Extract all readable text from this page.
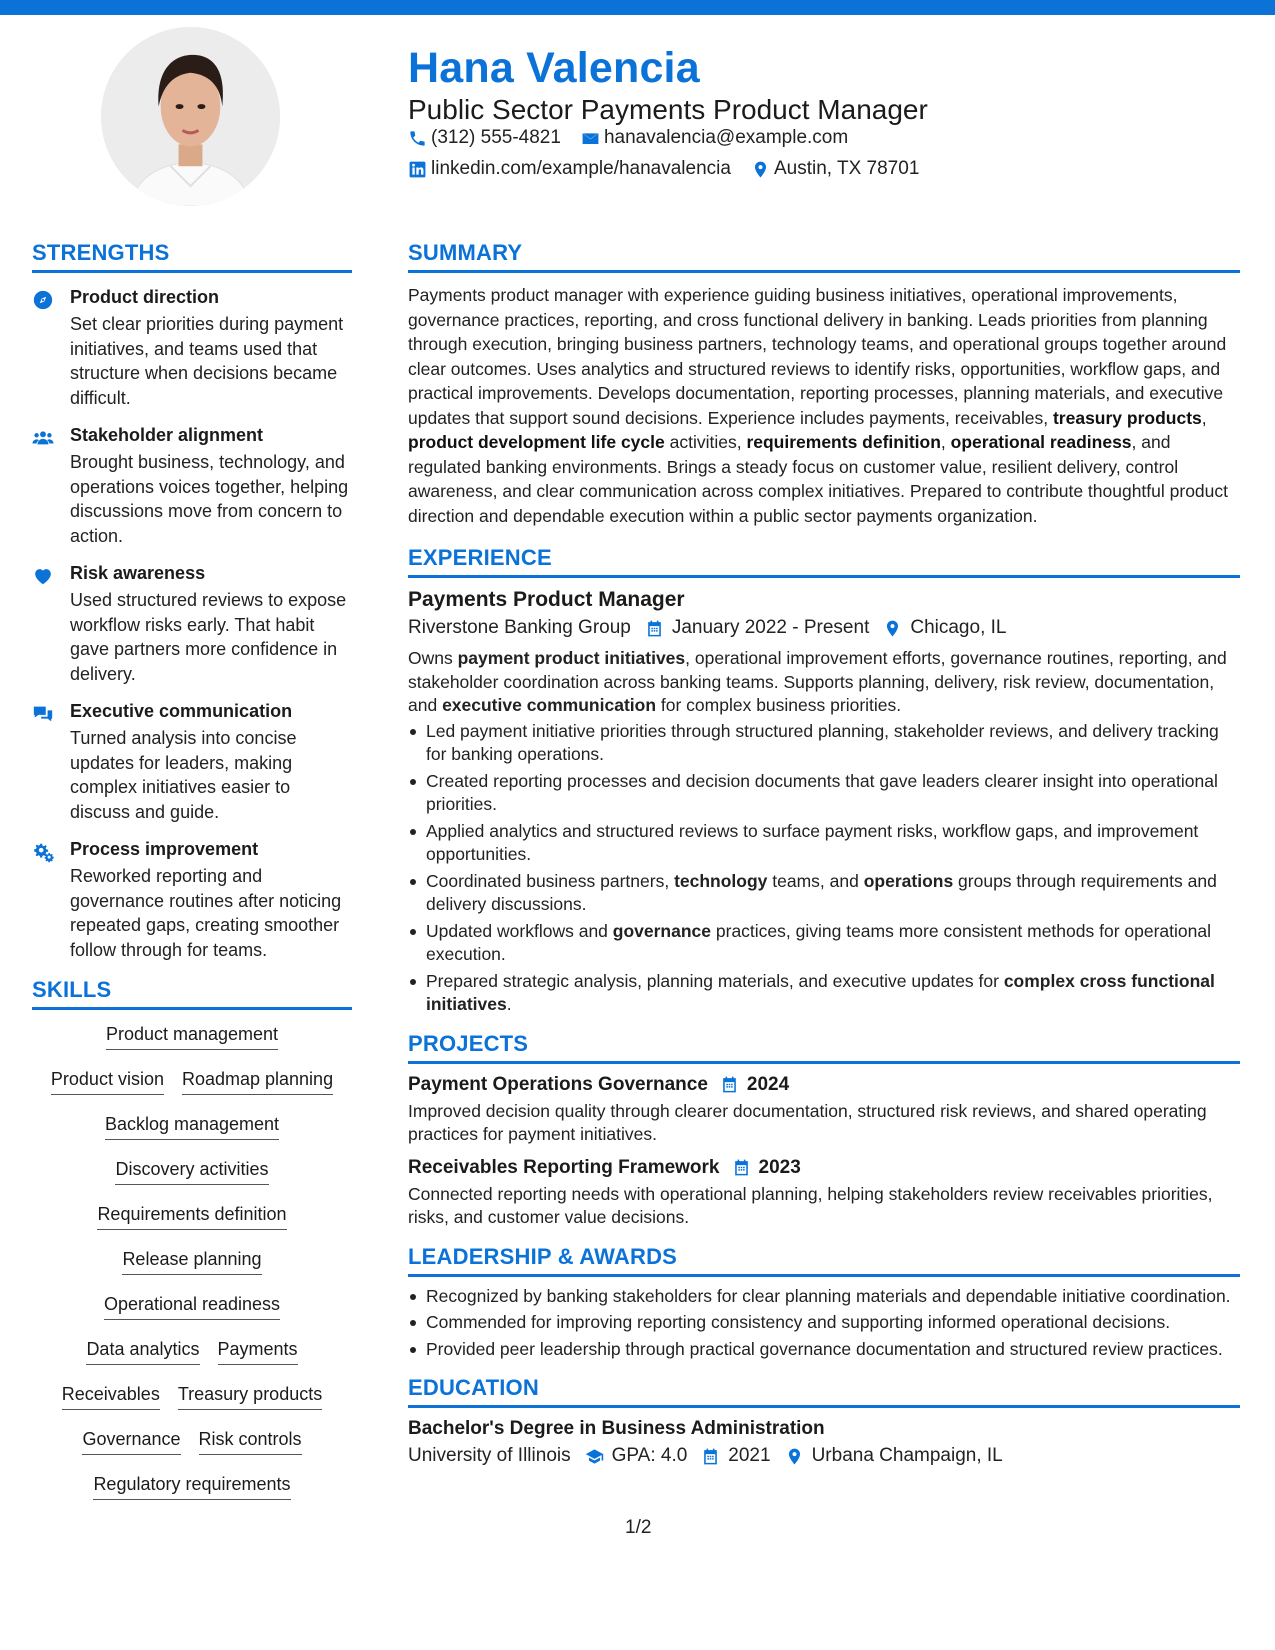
Hana Valencia
Public Sector Payments Product Manager
(312) 555-4821 hanavalencia@example.com
linkedin.com/example/hanavalencia Austin, TX 78701
STRENGTHS
Product direction
Set clear priorities during payment initiatives, and teams used that structure when decisions became difficult.
Stakeholder alignment
Brought business, technology, and operations voices together, helping discussions move from concern to action.
Risk awareness
Used structured reviews to expose workflow risks early. That habit gave partners more confidence in delivery.
Executive communication
Turned analysis into concise updates for leaders, making complex initiatives easier to discuss and guide.
Process improvement
Reworked reporting and governance routines after noticing repeated gaps, creating smoother follow through for teams.
SKILLS
Product management
Product vision Roadmap planning
Backlog management
Discovery activities
Requirements definition
Release planning
Operational readiness
Data analytics Payments
Receivables Treasury products
Governance Risk controls
Regulatory requirements
SUMMARY
Payments product manager with experience guiding business initiatives, operational improvements, governance practices, reporting, and cross functional delivery in banking. Leads priorities from planning through execution, bringing business partners, technology teams, and operational groups together around clear outcomes. Uses analytics and structured reviews to identify risks, opportunities, workflow gaps, and practical improvements. Develops documentation, reporting processes, planning materials, and executive updates that support sound decisions. Experience includes payments, receivables, treasury products, product development life cycle activities, requirements definition, operational readiness, and regulated banking environments. Brings a steady focus on customer value, resilient delivery, control awareness, and clear communication across complex initiatives. Prepared to contribute thoughtful product direction and dependable execution within a public sector payments organization.
EXPERIENCE
Payments Product Manager
Riverstone Banking Group January 2022 - Present Chicago, IL
Owns payment product initiatives, operational improvement efforts, governance routines, reporting, and stakeholder coordination across banking teams. Supports planning, delivery, risk review, documentation, and executive communication for complex business priorities.
Led payment initiative priorities through structured planning, stakeholder reviews, and delivery tracking for banking operations.
Created reporting processes and decision documents that gave leaders clearer insight into operational priorities.
Applied analytics and structured reviews to surface payment risks, workflow gaps, and improvement opportunities.
Coordinated business partners, technology teams, and operations groups through requirements and delivery discussions.
Updated workflows and governance practices, giving teams more consistent methods for operational execution.
Prepared strategic analysis, planning materials, and executive updates for complex cross functional initiatives.
PROJECTS
Payment Operations Governance 2024
Improved decision quality through clearer documentation, structured risk reviews, and shared operating practices for payment initiatives.
Receivables Reporting Framework 2023
Connected reporting needs with operational planning, helping stakeholders review receivables priorities, risks, and customer value decisions.
LEADERSHIP & AWARDS
Recognized by banking stakeholders for clear planning materials and dependable initiative coordination.
Commended for improving reporting consistency and supporting informed operational decisions.
Provided peer leadership through practical governance documentation and structured review practices.
EDUCATION
Bachelor's Degree in Business Administration
University of Illinois GPA: 4.0 2021 Urbana Champaign, IL
1/2
